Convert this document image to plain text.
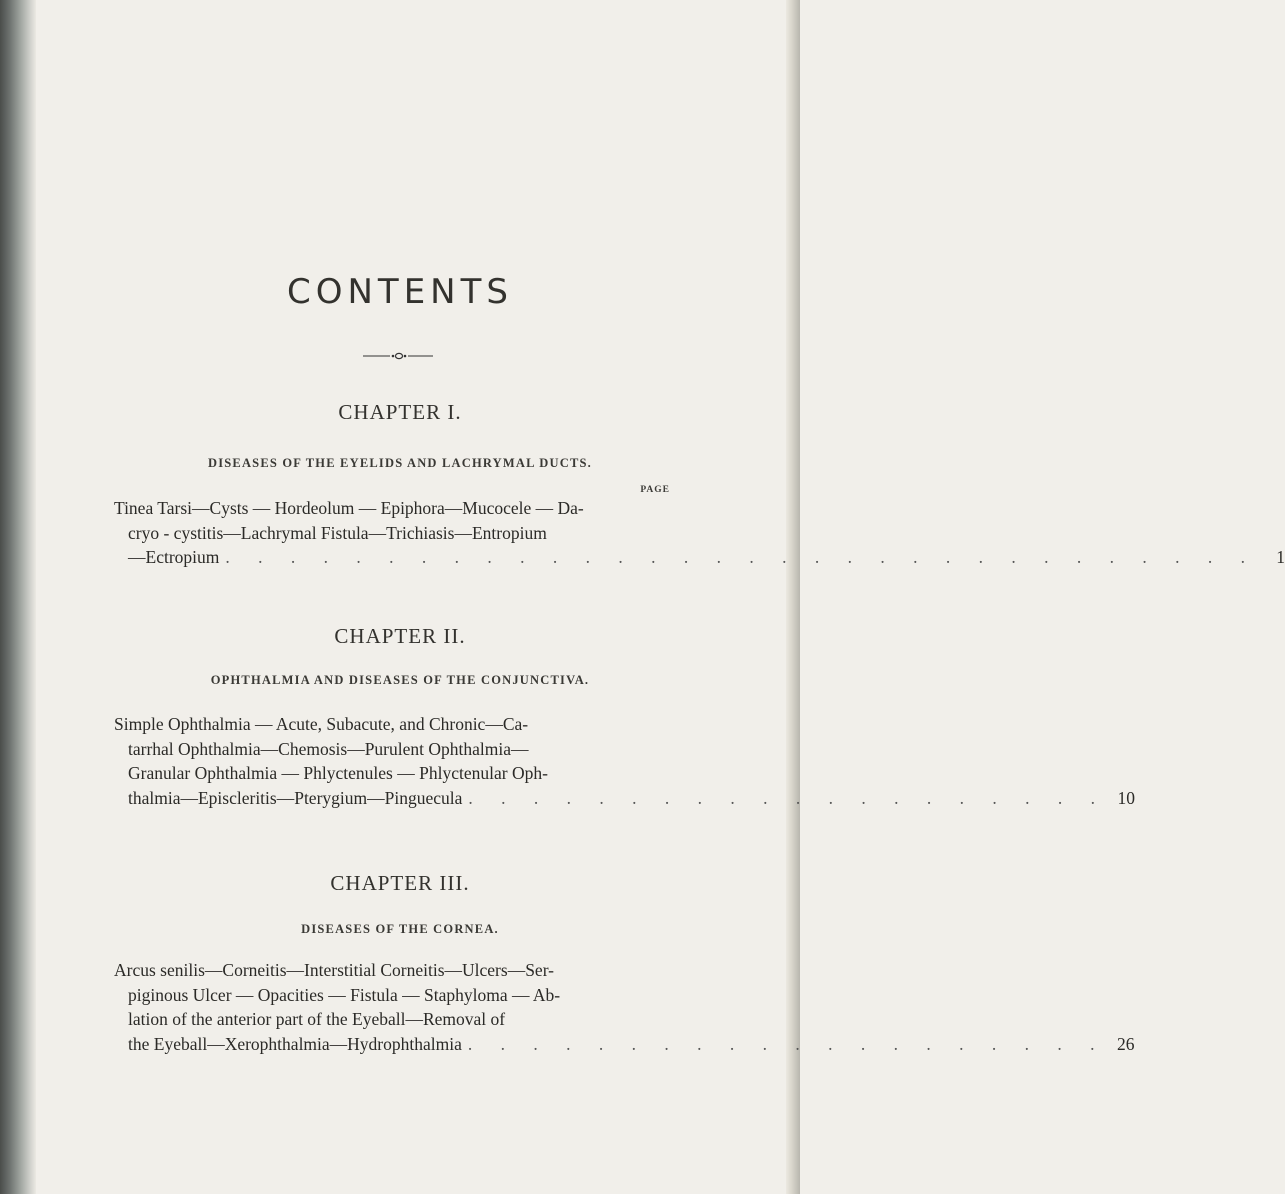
CONTENTS
CHAPTER I.
DISEASES OF THE EYELIDS AND LACHRYMAL DUCTS.
PAGE
Tinea Tarsi—Cysts — Hordeolum — Epiphora—Mucocele — Da-
cryo - cystitis—Lachrymal Fistula—Trichiasis—Entropium
—Ectropium . . . . . . . . . . . . . . . . . . . . . . . . . . . . . . . .	1
CHAPTER II.
OPHTHALMIA AND DISEASES OF THE CONJUNCTIVA.
Simple Ophthalmia — Acute, Subacute, and Chronic—Ca-
tarrhal Ophthalmia—Chemosis—Purulent Ophthalmia—
Granular Ophthalmia — Phlyctenules — Phlyctenular Oph-
thalmia—Episcleritis—Pterygium—Pinguecula . . . . . . . . . . . . . . . . . . . . 10
CHAPTER III.
DISEASES OF THE CORNEA.
Arcus senilis—Corneitis—Interstitial Corneitis—Ulcers—Ser-
piginous Ulcer — Opacities — Fistula — Staphyloma — Ab-
lation of the anterior part of the Eyeball—Removal of
the Eyeball—Xerophthalmia—Hydrophthalmia . . . . . . . . . . . . . . . . . . . . 26
